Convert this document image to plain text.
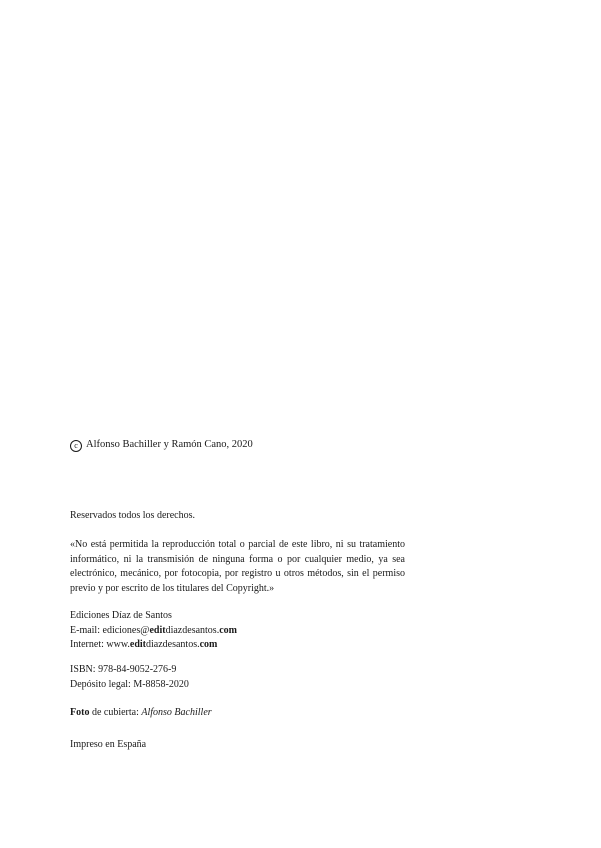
c Alfonso Bachiller y Ramón Cano, 2020
Reservados todos los derechos.
«No está permitida la reproducción total o parcial de este libro, ni su tratamiento informático, ni la transmisión de ninguna forma o por cualquier medio, ya sea electrónico, mecánico, por fotocopia, por registro u otros métodos, sin el permiso previo y por escrito de los titulares del Copyright.»
Ediciones Díaz de Santos
E-mail: ediciones@editdiazdesantos.com
Internet: www.editdiazdesantos.com
ISBN: 978-84-9052-276-9
Depósito legal: M-8858-2020
Foto de cubierta: Alfonso Bachiller
Impreso en España
